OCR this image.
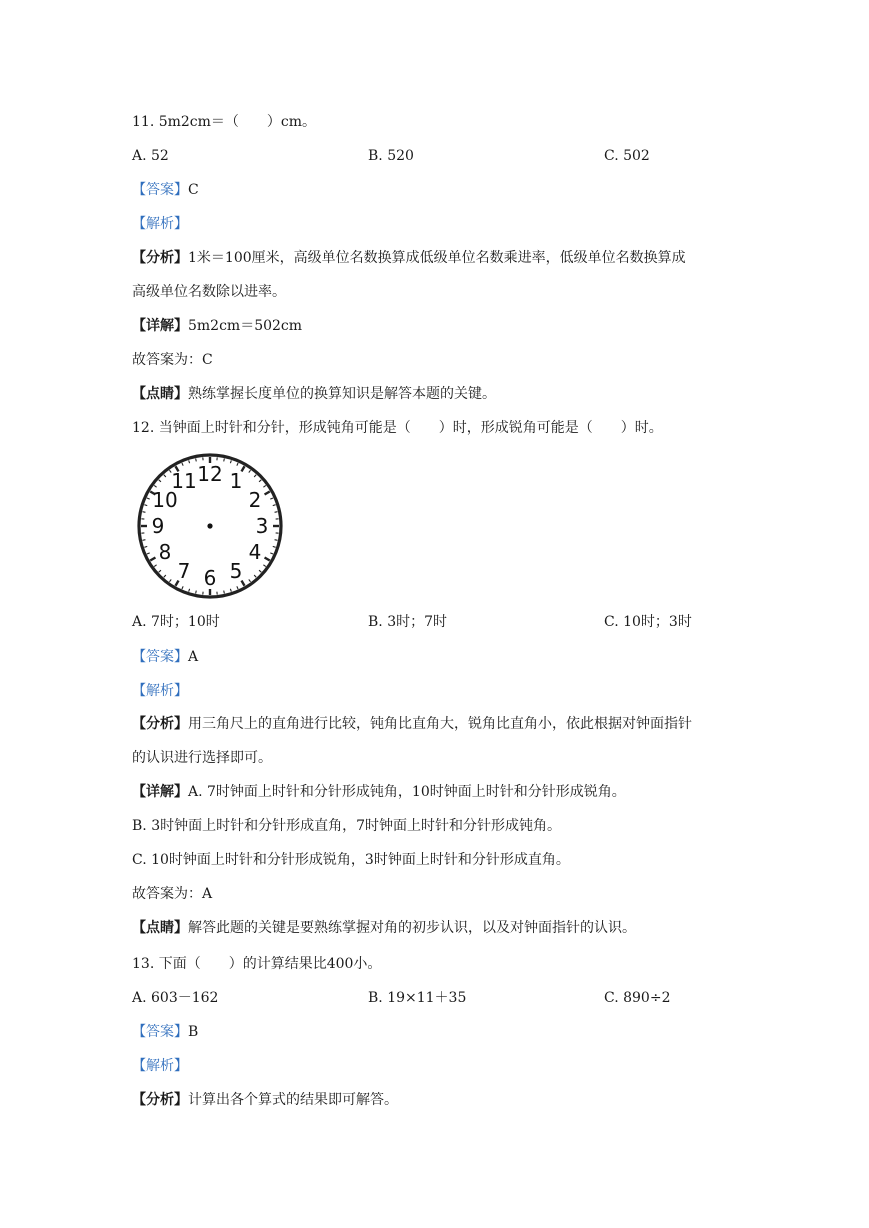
11. 5m2cm＝（　　）cm。
A. 52	B. 520	C. 502
【答案】C
【解析】
【分析】1米＝100厘米，高级单位名数换算成低级单位名数乘进率，低级单位名数换算成
高级单位名数除以进率。
【详解】5m2cm＝502cm
故答案为：C
【点睛】熟练掌握长度单位的换算知识是解答本题的关键。
12. 当钟面上时针和分针，形成钝角可能是（　　）时，形成锐角可能是（　　）时。
12 1
2
3
4
5
6
7
8
9
10
11
A. 7时；10时	B. 3时；7时	C. 10时；3时
【答案】A
【解析】
【分析】用三角尺上的直角进行比较，钝角比直角大，锐角比直角小，依此根据对钟面指针
的认识进行选择即可。
【详解】A. 7时钟面上时针和分针形成钝角，10时钟面上时针和分针形成锐角。
B. 3时钟面上时针和分针形成直角，7时钟面上时针和分针形成钝角。
C. 10时钟面上时针和分针形成锐角，3时钟面上时针和分针形成直角。
故答案为：A
【点睛】解答此题的关键是要熟练掌握对角的初步认识，以及对钟面指针的认识。
13. 下面（　　）的计算结果比400小。
A. 603－162	B. 19×11＋35	C. 890÷2
【答案】B
【解析】
【分析】计算出各个算式的结果即可解答。
